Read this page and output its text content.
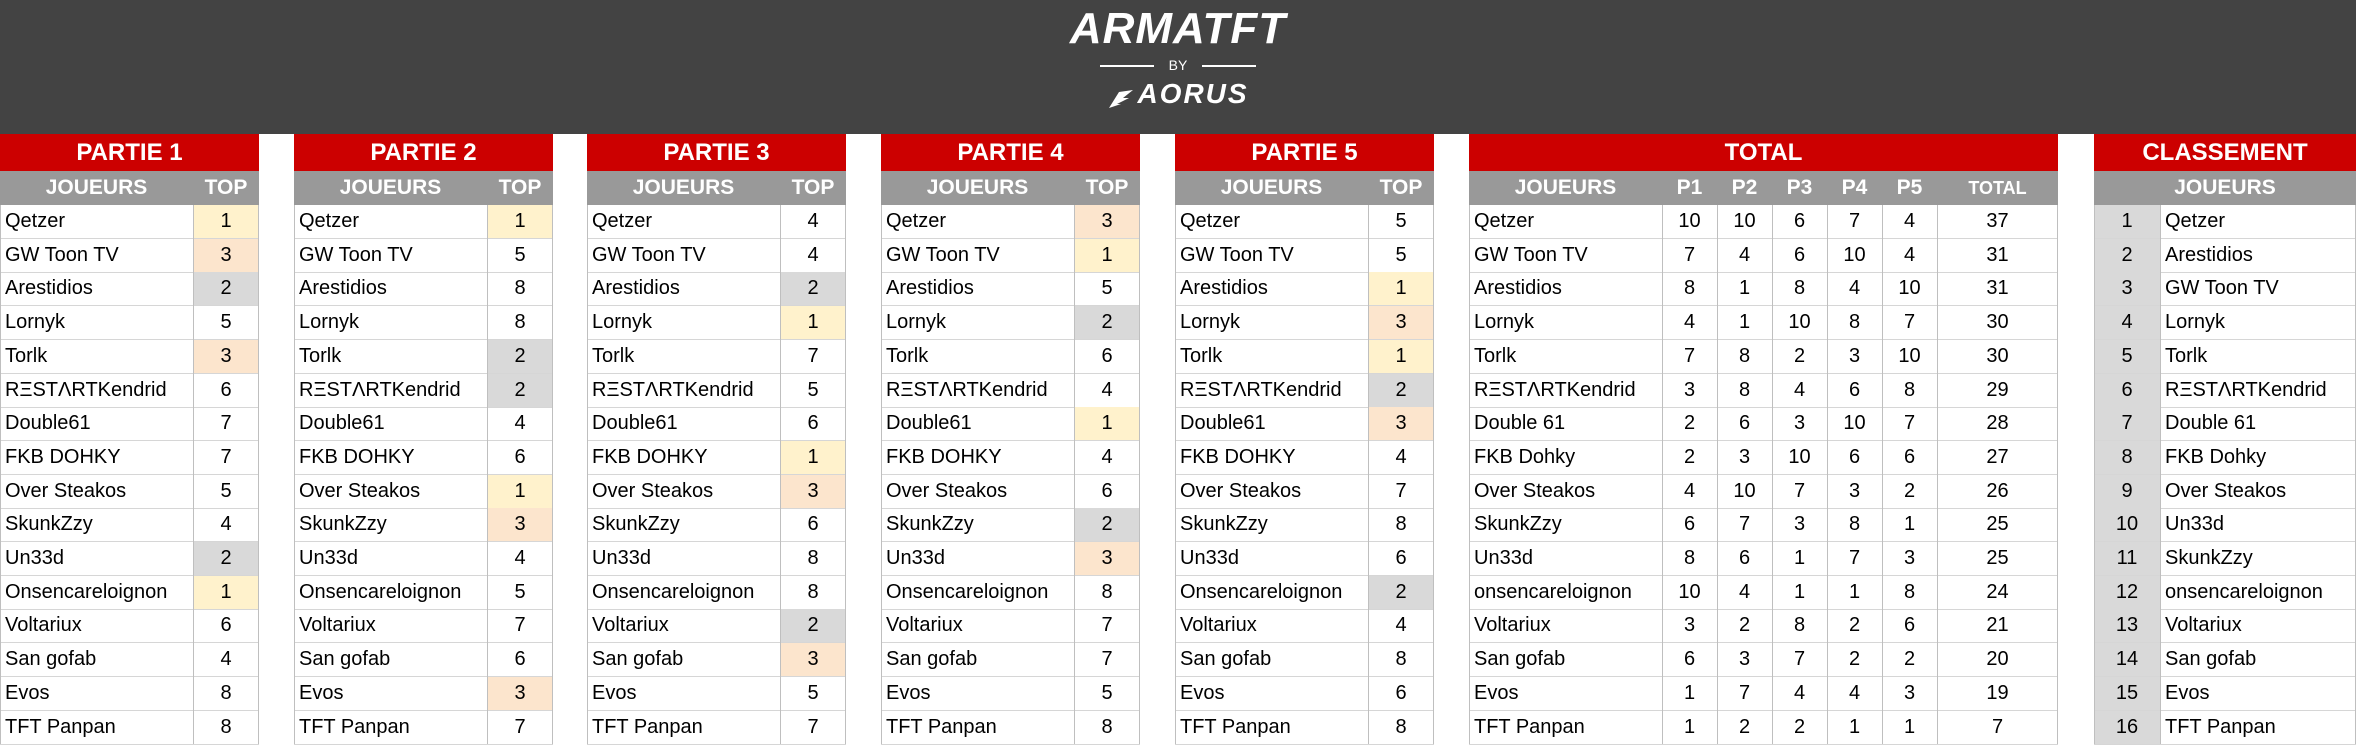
ARMATFT
BY
AORUS
PARTIE 1
JOUEURS	TOP
Qetzer	1
GW Toon TV	3
Arestidios	2
Lornyk	5
Torlk	3
RΞSTΛRTKendrid	6
Double61	7
FKB DOHKY	7
Over Steakos	5
SkunkZzy	4
Un33d	2
Onsencareloignon	1
Voltariux	6
San gofab	4
Evos	8
TFT Panpan	8
PARTIE 2
JOUEURS	TOP
Qetzer	1
GW Toon TV	5
Arestidios	8
Lornyk	8
Torlk	2
RΞSTΛRTKendrid	2
Double61	4
FKB DOHKY	6
Over Steakos	1
SkunkZzy	3
Un33d	4
Onsencareloignon	5
Voltariux	7
San gofab	6
Evos	3
TFT Panpan	7
PARTIE 3
JOUEURS	TOP
Qetzer	4
GW Toon TV	4
Arestidios	2
Lornyk	1
Torlk	7
RΞSTΛRTKendrid	5
Double61	6
FKB DOHKY	1
Over Steakos	3
SkunkZzy	6
Un33d	8
Onsencareloignon	8
Voltariux	2
San gofab	3
Evos	5
TFT Panpan	7
PARTIE 4
JOUEURS	TOP
Qetzer	3
GW Toon TV	1
Arestidios	5
Lornyk	2
Torlk	6
RΞSTΛRTKendrid	4
Double61	1
FKB DOHKY	4
Over Steakos	6
SkunkZzy	2
Un33d	3
Onsencareloignon	8
Voltariux	7
San gofab	7
Evos	5
TFT Panpan	8
PARTIE 5
JOUEURS	TOP
Qetzer	5
GW Toon TV	5
Arestidios	1
Lornyk	3
Torlk	1
RΞSTΛRTKendrid	2
Double61	3
FKB DOHKY	4
Over Steakos	7
SkunkZzy	8
Un33d	6
Onsencareloignon	2
Voltariux	4
San gofab	8
Evos	6
TFT Panpan	8
TOTAL
JOUEURS	P1	P2	P3	P4	P5	TOTAL
Qetzer	10	10	6	7	4	37
GW Toon TV	7	4	6	10	4	31
Arestidios	8	1	8	4	10	31
Lornyk	4	1	10	8	7	30
Torlk	7	8	2	3	10	30
RΞSTΛRTKendrid	3	8	4	6	8	29
Double 61	2	6	3	10	7	28
FKB Dohky	2	3	10	6	6	27
Over Steakos	4	10	7	3	2	26
SkunkZzy	6	7	3	8	1	25
Un33d	8	6	1	7	3	25
onsencareloignon	10	4	1	1	8	24
Voltariux	3	2	8	2	6	21
San gofab	6	3	7	2	2	20
Evos	1	7	4	4	3	19
TFT Panpan	1	2	2	1	1	7
CLASSEMENT
JOUEURS
1	Qetzer
2	Arestidios
3	GW Toon TV
4	Lornyk
5	Torlk
6	RΞSTΛRTKendrid
7	Double 61
8	FKB Dohky
9	Over Steakos
10	Un33d
11	SkunkZzy
12	onsencareloignon
13	Voltariux
14	San gofab
15	Evos
16	TFT Panpan
